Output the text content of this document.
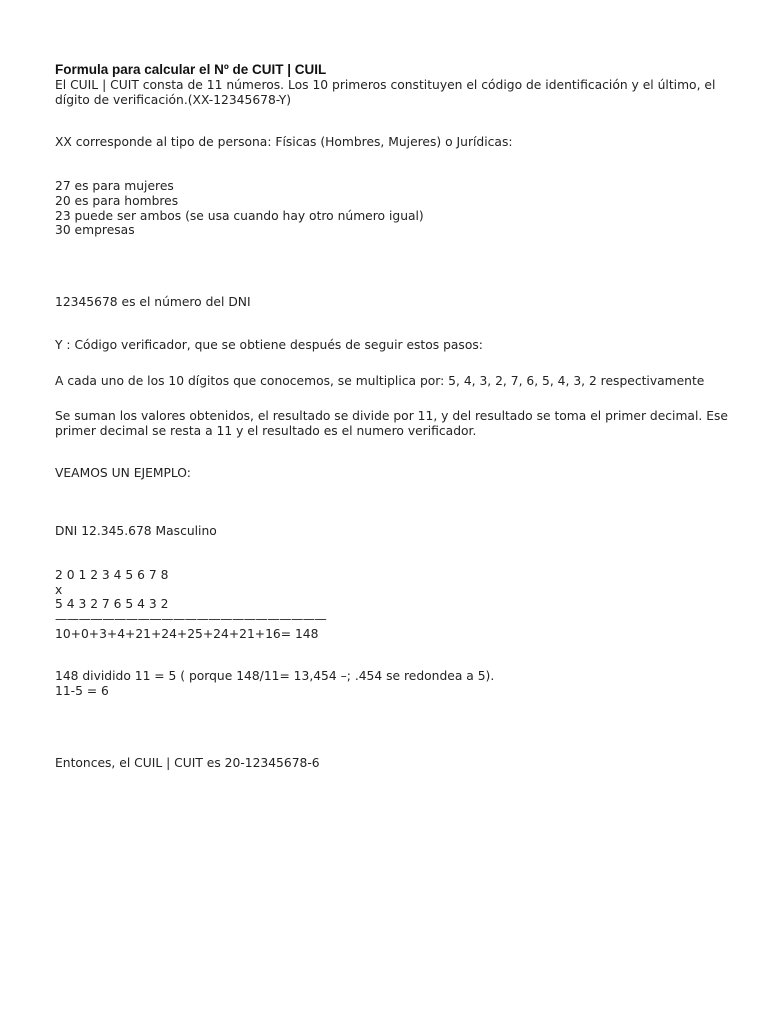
Formula para calcular el Nº de CUIT | CUIL
El CUIL | CUIT consta de 11 números. Los 10 primeros constituyen el código de identificación y el último, el dígito de verificación.(XX-12345678-Y)
XX corresponde al tipo de persona: Físicas (Hombres, Mujeres) o Jurídicas:
27 es para mujeres
20 es para hombres
23 puede ser ambos (se usa cuando hay otro número igual)
30 empresas
12345678 es el número del DNI
Y : Código verificador, que se obtiene después de seguir estos pasos:
A cada uno de los 10 dígitos que conocemos, se multiplica por: 5, 4, 3, 2, 7, 6, 5, 4, 3, 2 respectivamente
Se suman los valores obtenidos, el resultado se divide por 11, y del resultado se toma el primer decimal. Ese primer decimal se resta a 11 y el resultado es el numero verificador.
VEAMOS UN EJEMPLO:
DNI 12.345.678 Masculino
2 0 1 2 3 4 5 6 7 8
x
5 4 3 2 7 6 5 4 3 2
———————————————————————
10+0+3+4+21+24+25+24+21+16= 148
148 dividido 11 = 5 ( porque 148/11= 13,454 –; .454 se redondea a 5).
11-5 = 6
Entonces, el CUIL | CUIT es 20-12345678-6
